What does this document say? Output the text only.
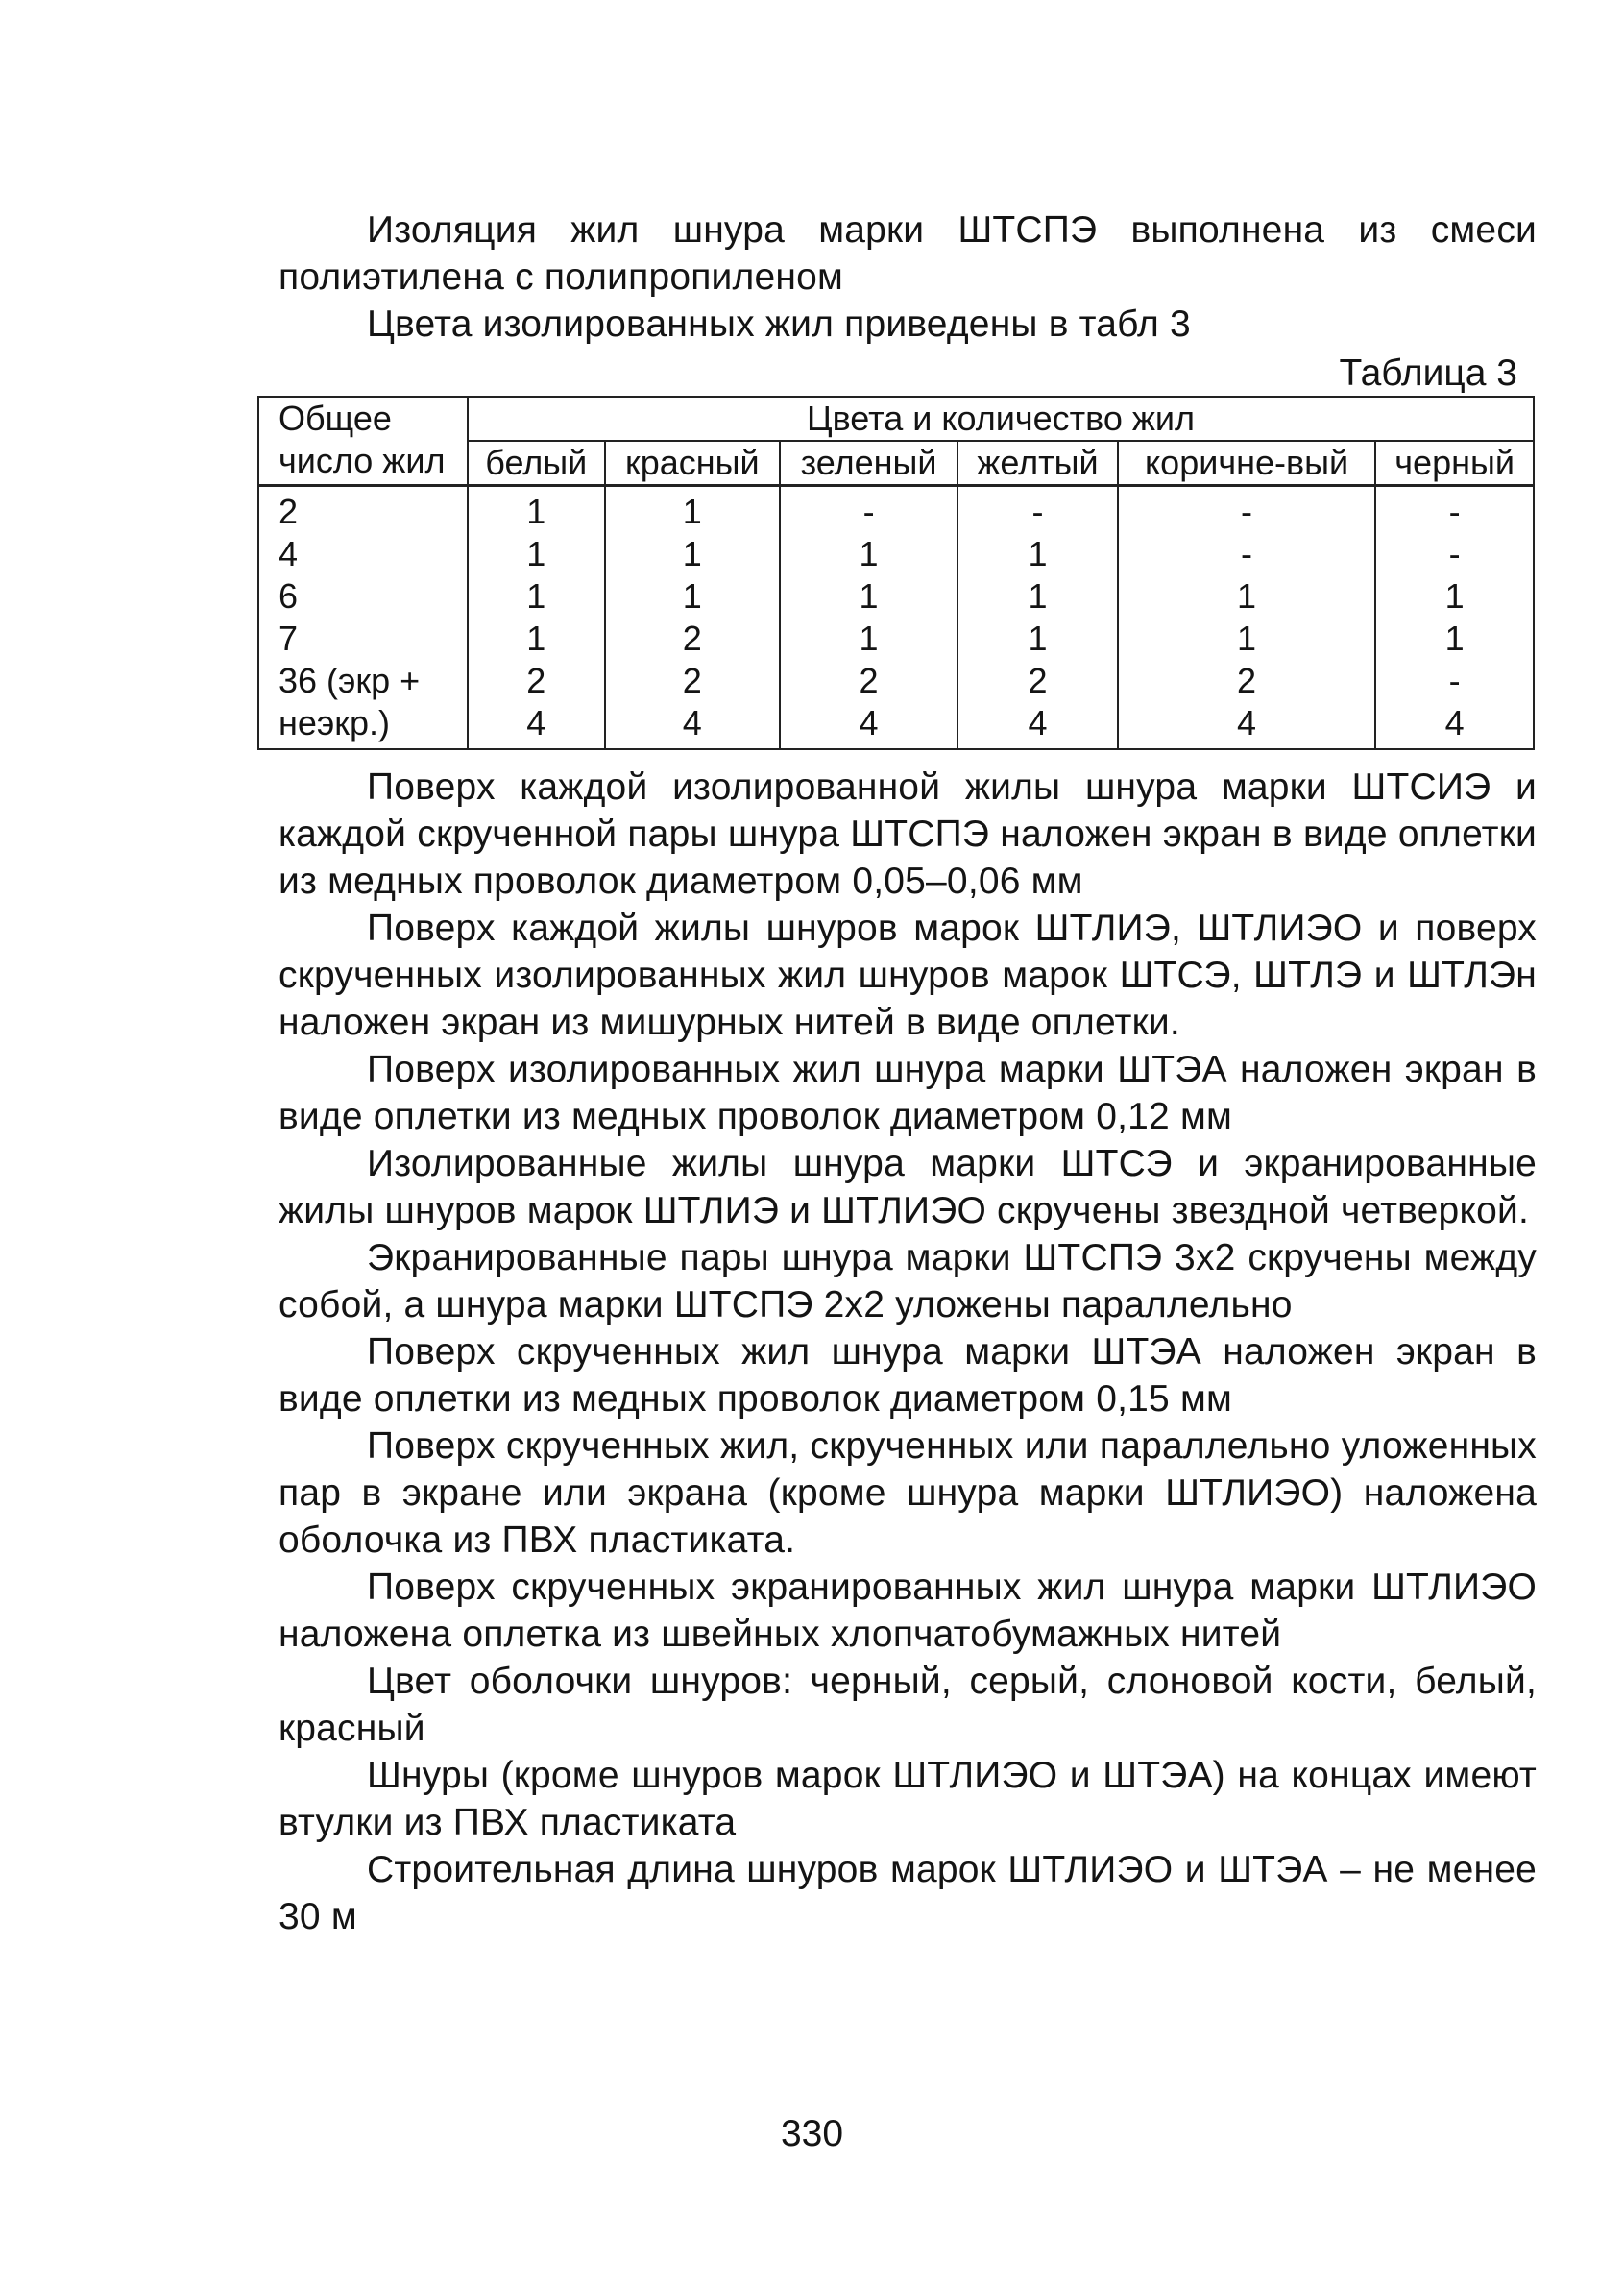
Изоляция жил шнура марки ШТСПЭ выполнена из смеси полиэтилена с полипропиленом

Цвета изолированных жил приведены в табл 3

Таблица 3
Общее число жил	Цвета и количество жил					
	белый	красный	зеленый	желтый	коричне-вый	черный
2	1	1	-	-	-	-
4	1	1	1	1	-	-
6	1	1	1	1	1	1
7	1	2	1	1	1	1
36 (экр +	2	2	2	2	2	-
неэкр.)	4	4	4	4	4	4

Поверх каждой изолированной жилы шнура марки ШТСИЭ и каждой скрученной пары шнура ШТСПЭ наложен экран в виде оплетки из медных проволок диаметром 0,05–0,06 мм

Поверх каждой жилы шнуров марок ШТЛИЭ, ШТЛИЭО и поверх скрученных изолированных жил шнуров марок ШТСЭ, ШТЛЭ и ШТЛЭн наложен экран из мишурных нитей в виде оплетки.

Поверх изолированных жил шнура марки ШТЭА наложен экран в виде оплетки из медных проволок диаметром 0,12 мм

Изолированные жилы шнура марки ШТСЭ и экранированные жилы шнуров марок ШТЛИЭ и ШТЛИЭО скручены звездной четверкой.

Экранированные пары шнура марки ШТСПЭ 3х2 скручены между собой, а шнура марки ШТСПЭ 2х2 уложены параллельно

Поверх скрученных жил шнура марки ШТЭА наложен экран в виде оплетки из медных проволок диаметром 0,15 мм

Поверх скрученных жил, скрученных или параллельно уложенных пар в экране или экрана (кроме шнура марки ШТЛИЭО) наложена оболочка из ПВХ пластиката.

Поверх скрученных экранированных жил шнура марки ШТЛИЭО наложена оплетка из швейных хлопчатобумажных нитей

Цвет оболочки шнуров: черный, серый, слоновой кости, белый, красный

Шнуры (кроме шнуров марок ШТЛИЭО и ШТЭА) на концах имеют втулки из ПВХ пластиката

Строительная длина шнуров марок ШТЛИЭО и ШТЭА – не менее 30 м

330
